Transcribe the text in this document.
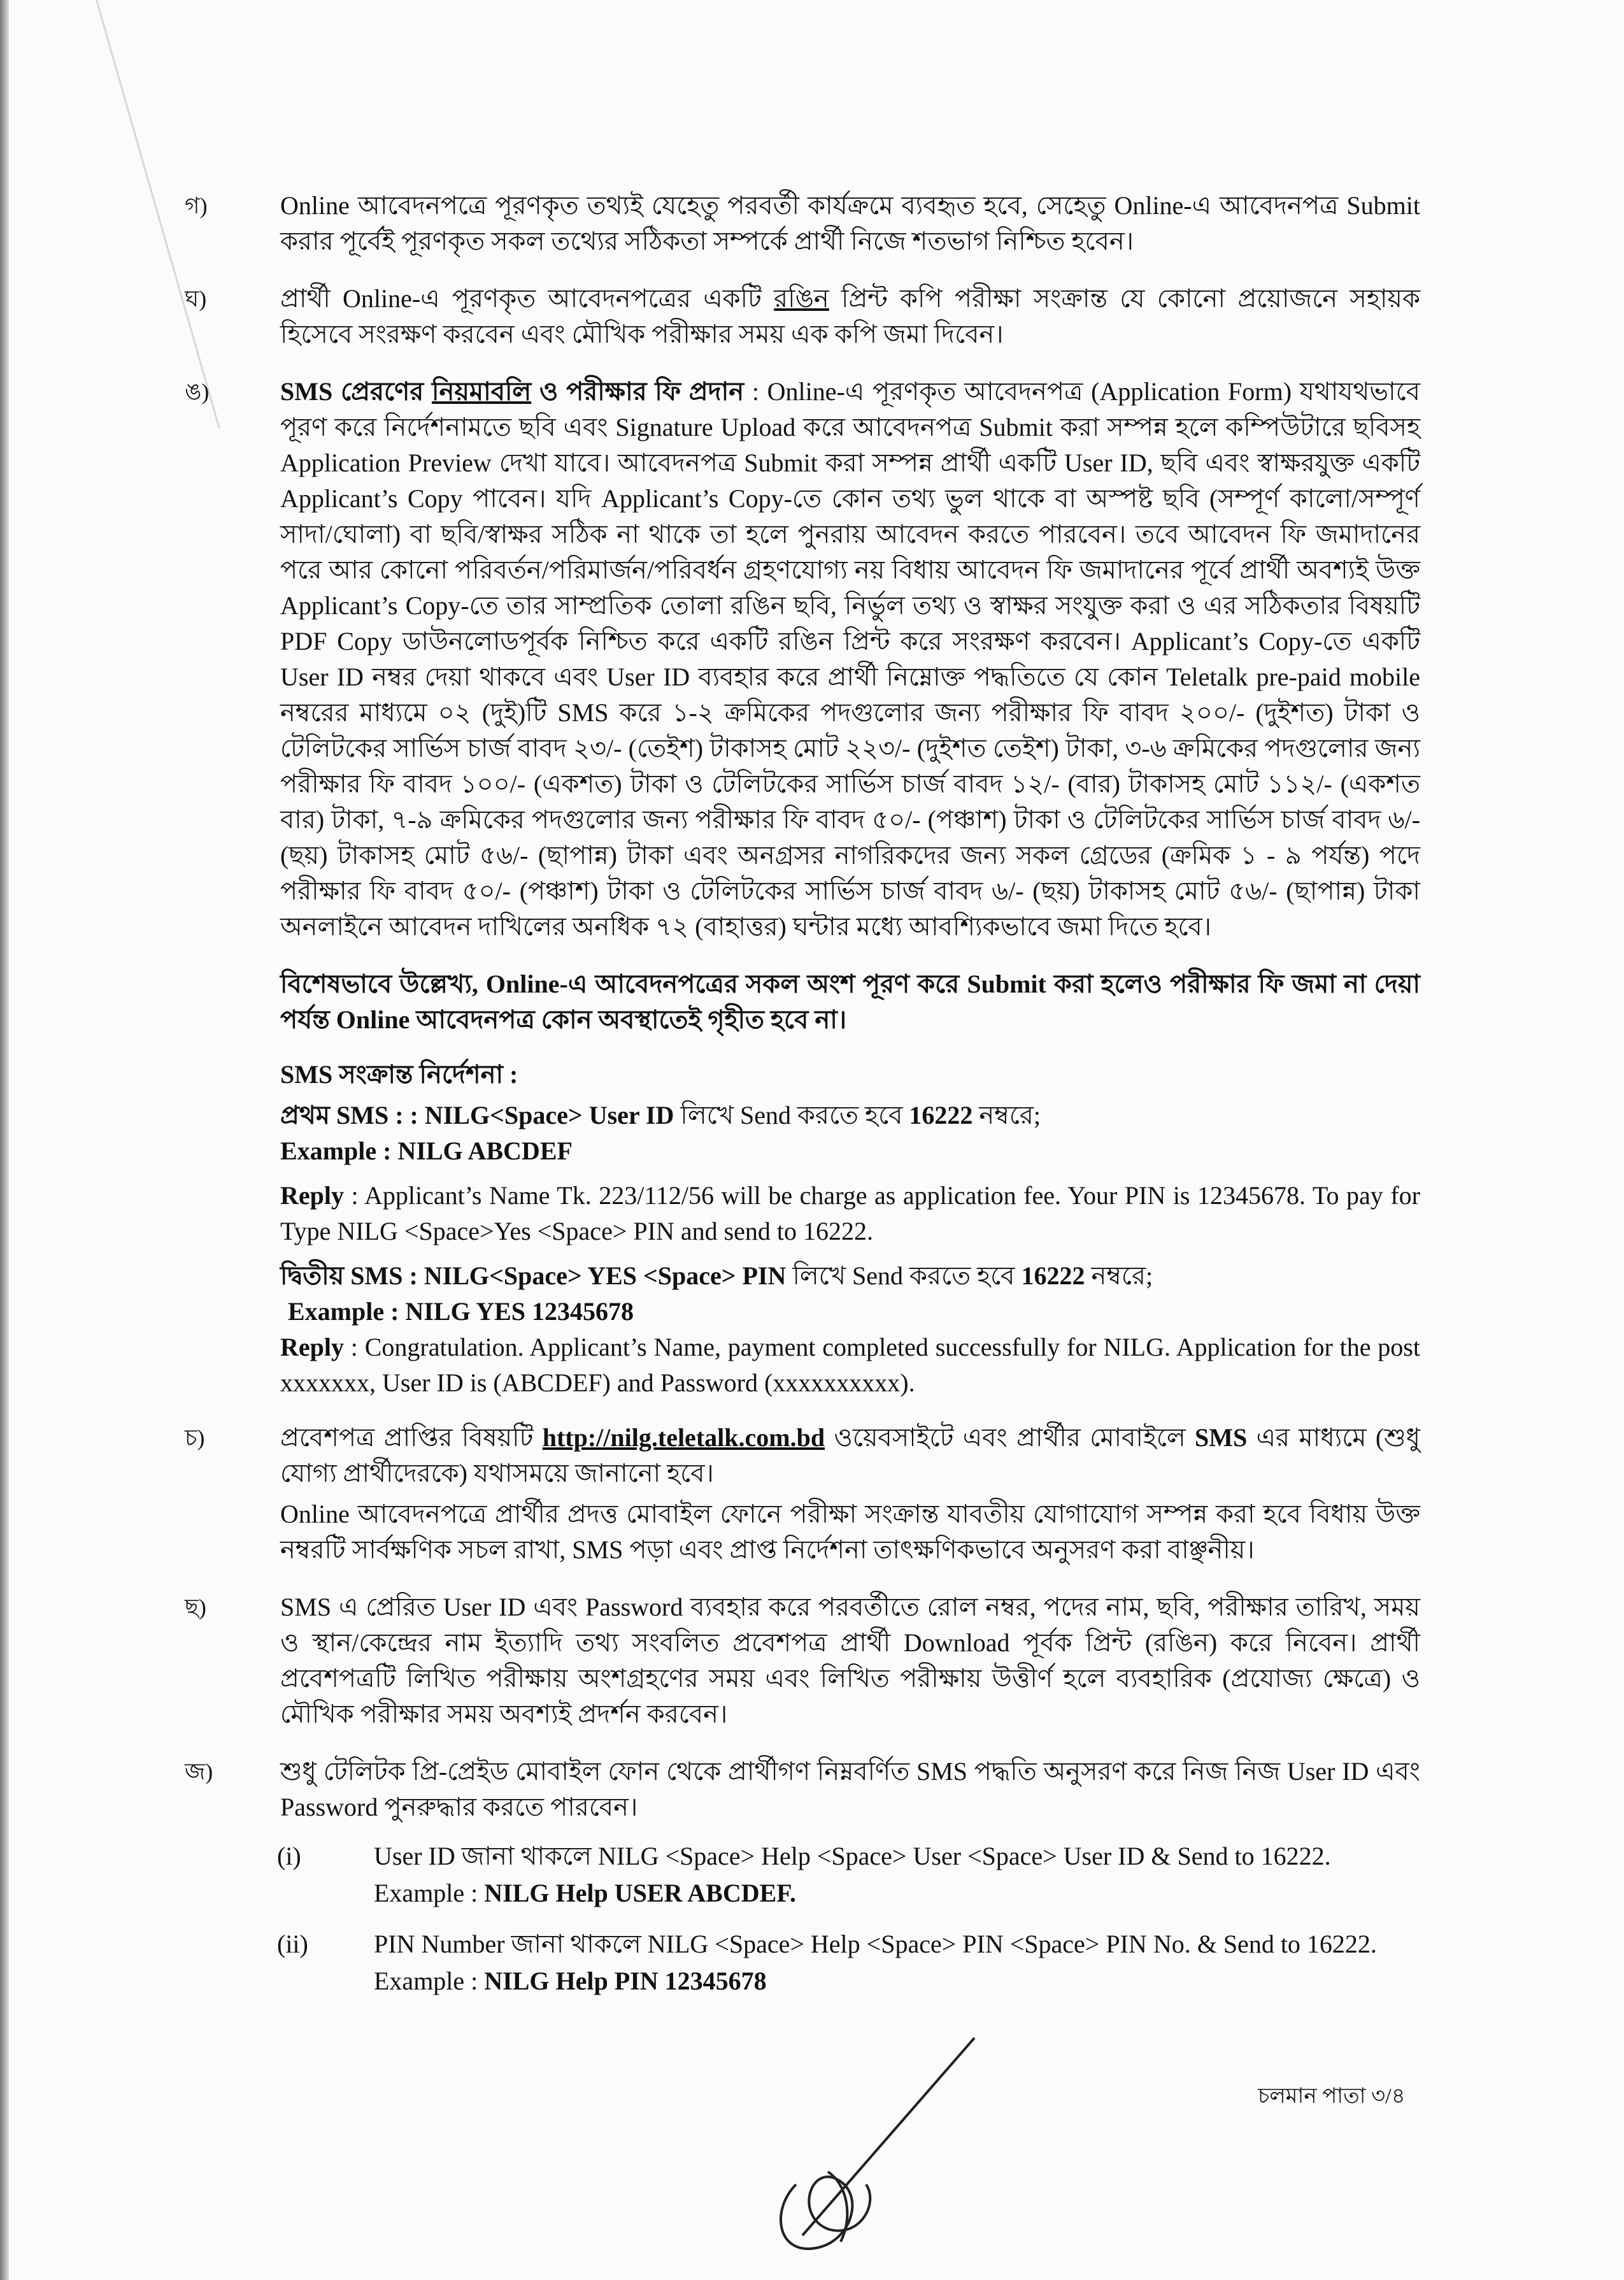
গ)	Online আবেদনপত্রে পূরণকৃত তথ্যই যেহেতু পরবর্তী কার্যক্রমে ব্যবহৃত হবে, সেহেতু Online-এ আবেদনপত্র Submit করার পূর্বেই পূরণকৃত সকল তথ্যের সঠিকতা সম্পর্কে প্রার্থী নিজে শতভাগ নিশ্চিত হবেন।
ঘ)	প্রার্থী Online-এ পূরণকৃত আবেদনপত্রের একটি রঙিন প্রিন্ট কপি পরীক্ষা সংক্রান্ত যে কোনো প্রয়োজনে সহায়ক হিসেবে সংরক্ষণ করবেন এবং মৌখিক পরীক্ষার সময় এক কপি জমা দিবেন।
ঙ)	SMS প্রেরণের নিয়মাবলি ও পরীক্ষার ফি প্রদান : Online-এ পূরণকৃত আবেদনপত্র (Application Form) যথাযথভাবে পূরণ করে নির্দেশনামতে ছবি এবং Signature Upload করে আবেদনপত্র Submit করা সম্পন্ন হলে কম্পিউটারে ছবিসহ Application Preview দেখা যাবে। আবেদনপত্র Submit করা সম্পন্ন প্রার্থী একটি User ID, ছবি এবং স্বাক্ষরযুক্ত একটি Applicant’s Copy পাবেন। যদি Applicant’s Copy-তে কোন তথ্য ভুল থাকে বা অস্পষ্ট ছবি (সম্পূর্ণ কালো/সম্পূর্ণ সাদা/ঘোলা) বা ছবি/স্বাক্ষর সঠিক না থাকে তা হলে পুনরায় আবেদন করতে পারবেন। তবে আবেদন ফি জমাদানের পরে আর কোনো পরিবর্তন/পরিমার্জন/পরিবর্ধন গ্রহণযোগ্য নয় বিধায় আবেদন ফি জমাদানের পূর্বে প্রার্থী অবশ্যই উক্ত Applicant’s Copy-তে তার সাম্প্রতিক তোলা রঙিন ছবি, নির্ভুল তথ্য ও স্বাক্ষর সংযুক্ত করা ও এর সঠিকতার বিষয়টি PDF Copy ডাউনলোডপূর্বক নিশ্চিত করে একটি রঙিন প্রিন্ট করে সংরক্ষণ করবেন। Applicant’s Copy-তে একটি User ID নম্বর দেয়া থাকবে এবং User ID ব্যবহার করে প্রার্থী নিম্নোক্ত পদ্ধতিতে যে কোন Teletalk pre-paid mobile নম্বরের মাধ্যমে ০২ (দুই)টি SMS করে ১-২ ক্রমিকের পদগুলোর জন্য পরীক্ষার ফি বাবদ ২০০/- (দুইশত) টাকা ও টেলিটকের সার্ভিস চার্জ বাবদ ২৩/- (তেইশ) টাকাসহ মোট ২২৩/- (দুইশত তেইশ) টাকা, ৩-৬ ক্রমিকের পদগুলোর জন্য পরীক্ষার ফি বাবদ ১০০/- (একশত) টাকা ও টেলিটকের সার্ভিস চার্জ বাবদ ১২/- (বার) টাকাসহ মোট ১১২/- (একশত বার) টাকা, ৭-৯ ক্রমিকের পদগুলোর জন্য পরীক্ষার ফি বাবদ ৫০/- (পঞ্চাশ) টাকা ও টেলিটকের সার্ভিস চার্জ বাবদ ৬/- (ছয়) টাকাসহ মোট ৫৬/- (ছাপান্ন) টাকা এবং অনগ্রসর নাগরিকদের জন্য সকল গ্রেডের (ক্রমিক ১ - ৯ পর্যন্ত) পদে পরীক্ষার ফি বাবদ ৫০/- (পঞ্চাশ) টাকা ও টেলিটকের সার্ভিস চার্জ বাবদ ৬/- (ছয়) টাকাসহ মোট ৫৬/- (ছাপান্ন) টাকা অনলাইনে আবেদন দাখিলের অনধিক ৭২ (বাহাত্তর) ঘন্টার মধ্যে আবশ্যিকভাবে জমা দিতে হবে।
বিশেষভাবে উল্লেখ্য, Online-এ আবেদনপত্রের সকল অংশ পূরণ করে Submit করা হলেও পরীক্ষার ফি জমা না দেয়া পর্যন্ত Online আবেদনপত্র কোন অবস্থাতেই গৃহীত হবে না।
SMS সংক্রান্ত নির্দেশনা :
প্রথম SMS : : NILG<Space> User ID লিখে Send করতে হবে 16222 নম্বরে;
Example : NILG ABCDEF
Reply : Applicant’s Name Tk. 223/112/56 will be charge as application fee. Your PIN is 12345678. To pay for Type NILG <Space>Yes <Space> PIN and send to 16222.
দ্বিতীয় SMS : NILG<Space> YES <Space> PIN লিখে Send করতে হবে 16222 নম্বরে;
Example : NILG YES 12345678
Reply : Congratulation. Applicant’s Name, payment completed successfully for NILG. Application for the post xxxxxxx, User ID is (ABCDEF) and Password (xxxxxxxxxx).
চ)	প্রবেশপত্র প্রাপ্তির বিষয়টি http://nilg.teletalk.com.bd ওয়েবসাইটে এবং প্রার্থীর মোবাইলে SMS এর মাধ্যমে (শুধু যোগ্য প্রার্থীদেরকে) যথাসময়ে জানানো হবে।
Online আবেদনপত্রে প্রার্থীর প্রদত্ত মোবাইল ফোনে পরীক্ষা সংক্রান্ত যাবতীয় যোগাযোগ সম্পন্ন করা হবে বিধায় উক্ত নম্বরটি সার্বক্ষণিক সচল রাখা, SMS পড়া এবং প্রাপ্ত নির্দেশনা তাৎক্ষণিকভাবে অনুসরণ করা বাঞ্ছনীয়।
ছ)	SMS এ প্রেরিত User ID এবং Password ব্যবহার করে পরবর্তীতে রোল নম্বর, পদের নাম, ছবি, পরীক্ষার তারিখ, সময় ও স্থান/কেন্দ্রের নাম ইত্যাদি তথ্য সংবলিত প্রবেশপত্র প্রার্থী Download পূর্বক প্রিন্ট (রঙিন) করে নিবেন। প্রার্থী প্রবেশপত্রটি লিখিত পরীক্ষায় অংশগ্রহণের সময় এবং লিখিত পরীক্ষায় উত্তীর্ণ হলে ব্যবহারিক (প্রযোজ্য ক্ষেত্রে) ও মৌখিক পরীক্ষার সময় অবশ্যই প্রদর্শন করবেন।
জ)	শুধু টেলিটক প্রি-প্রেইড মোবাইল ফোন থেকে প্রার্থীগণ নিম্নবর্ণিত SMS পদ্ধতি অনুসরণ করে নিজ নিজ User ID এবং Password পুনরুদ্ধার করতে পারবেন।
(i)	User ID জানা থাকলে NILG <Space> Help <Space> User <Space> User ID & Send to 16222.
Example : NILG Help USER ABCDEF.
(ii)	PIN Number জানা থাকলে NILG <Space> Help <Space> PIN <Space> PIN No. & Send to 16222.
Example : NILG Help PIN 12345678
চলমান পাতা ৩/৪
